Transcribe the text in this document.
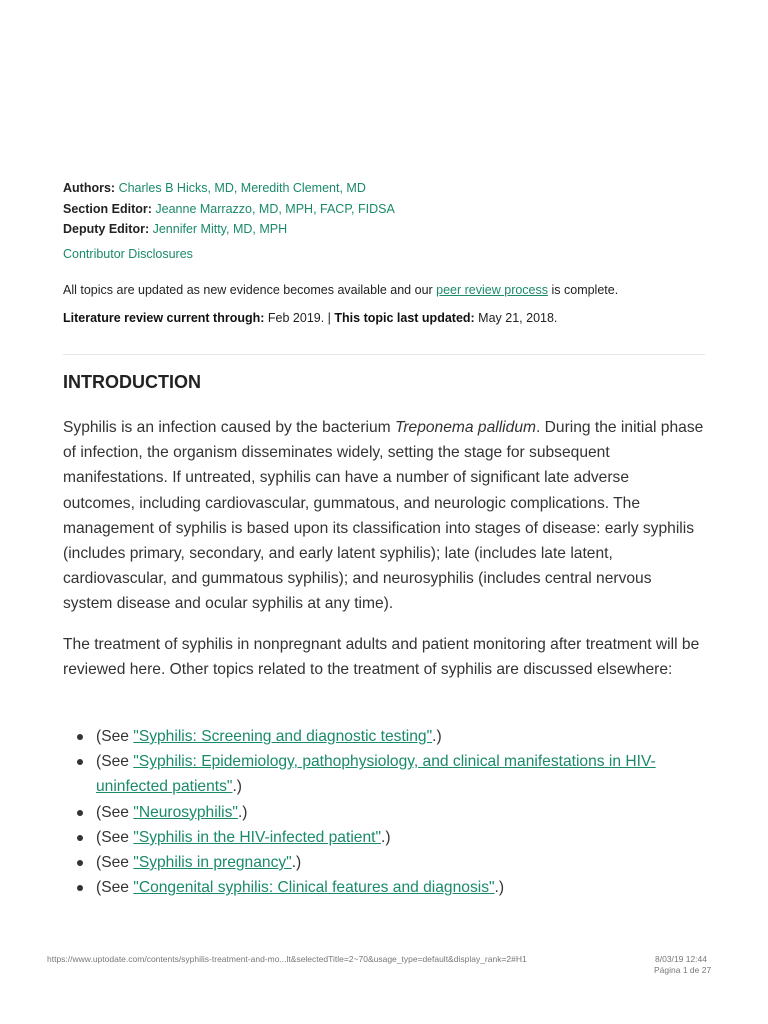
Authors: Charles B Hicks, MD, Meredith Clement, MD
Section Editor: Jeanne Marrazzo, MD, MPH, FACP, FIDSA
Deputy Editor: Jennifer Mitty, MD, MPH
Contributor Disclosures
All topics are updated as new evidence becomes available and our peer review process is complete.
Literature review current through: Feb 2019. | This topic last updated: May 21, 2018.
INTRODUCTION

Syphilis is an infection caused by the bacterium Treponema pallidum. During the initial phase of infection, the organism disseminates widely, setting the stage for subsequent manifestations. If untreated, syphilis can have a number of significant late adverse outcomes, including cardiovascular, gummatous, and neurologic complications. The management of syphilis is based upon its classification into stages of disease: early syphilis (includes primary, secondary, and early latent syphilis); late (includes late latent, cardiovascular, and gummatous syphilis); and neurosyphilis (includes central nervous system disease and ocular syphilis at any time).

The treatment of syphilis in nonpregnant adults and patient monitoring after treatment will be reviewed here. Other topics related to the treatment of syphilis are discussed elsewhere:

(See "Syphilis: Screening and diagnostic testing".)
(See "Syphilis: Epidemiology, pathophysiology, and clinical manifestations in HIV-uninfected patients".)
(See "Neurosyphilis".)
(See "Syphilis in the HIV-infected patient".)
(See "Syphilis in pregnancy".)
(See "Congenital syphilis: Clinical features and diagnosis".)
https://www.uptodate.com/contents/syphilis-treatment-and-mo...lt&selectedTitle=2~70&usage_type=default&display_rank=2#H1	8/03/19 12:44
Página 1 de 27
